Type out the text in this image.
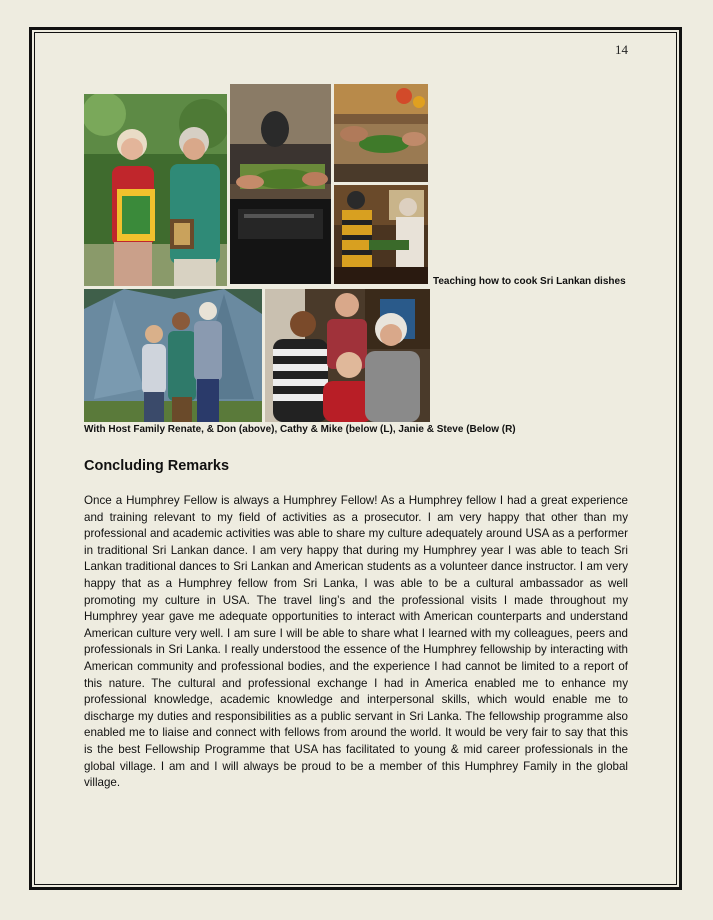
14
Teaching how to cook Sri Lankan dishes
With Host Family Renate, & Don (above), Cathy & Mike (below (L), Janie & Steve (Below (R)
Concluding Remarks

Once a Humphrey Fellow is always a Humphrey Fellow! As a Humphrey fellow I had a great experience and training relevant to my field of activities as a prosecutor. I am very happy that other than my professional and academic activities was able to share my culture adequately around USA as a performer in traditional Sri Lankan dance. I am very happy that during my Humphrey year I was able to teach Sri Lankan traditional dances to Sri Lankan and American students as a volunteer dance instructor. I am very happy that as a Humphrey fellow from Sri Lanka, I was able to be a cultural ambassador as well promoting my culture in USA. The travel ling’s and the professional visits I made throughout my Humphrey year gave me adequate opportunities to interact with American counterparts and understand American culture very well. I am sure I will be able to share what I learned with my colleagues, peers and professionals in Sri Lanka. I really understood the essence of the Humphrey fellowship by interacting with American community and professional bodies, and the experience I had cannot be limited to a report of this nature. The cultural and professional exchange I had in America enabled me to enhance my professional knowledge, academic knowledge and interpersonal skills, which would enable me to discharge my duties and responsibilities as a public servant in Sri Lanka. The fellowship programme also enabled me to liaise and connect with fellows from around the world. It would be very fair to say that this is the best Fellowship Programme that USA has facilitated to young & mid career professionals in the global village. I am and I will always be proud to be a member of this Humphrey Family in the global village.
